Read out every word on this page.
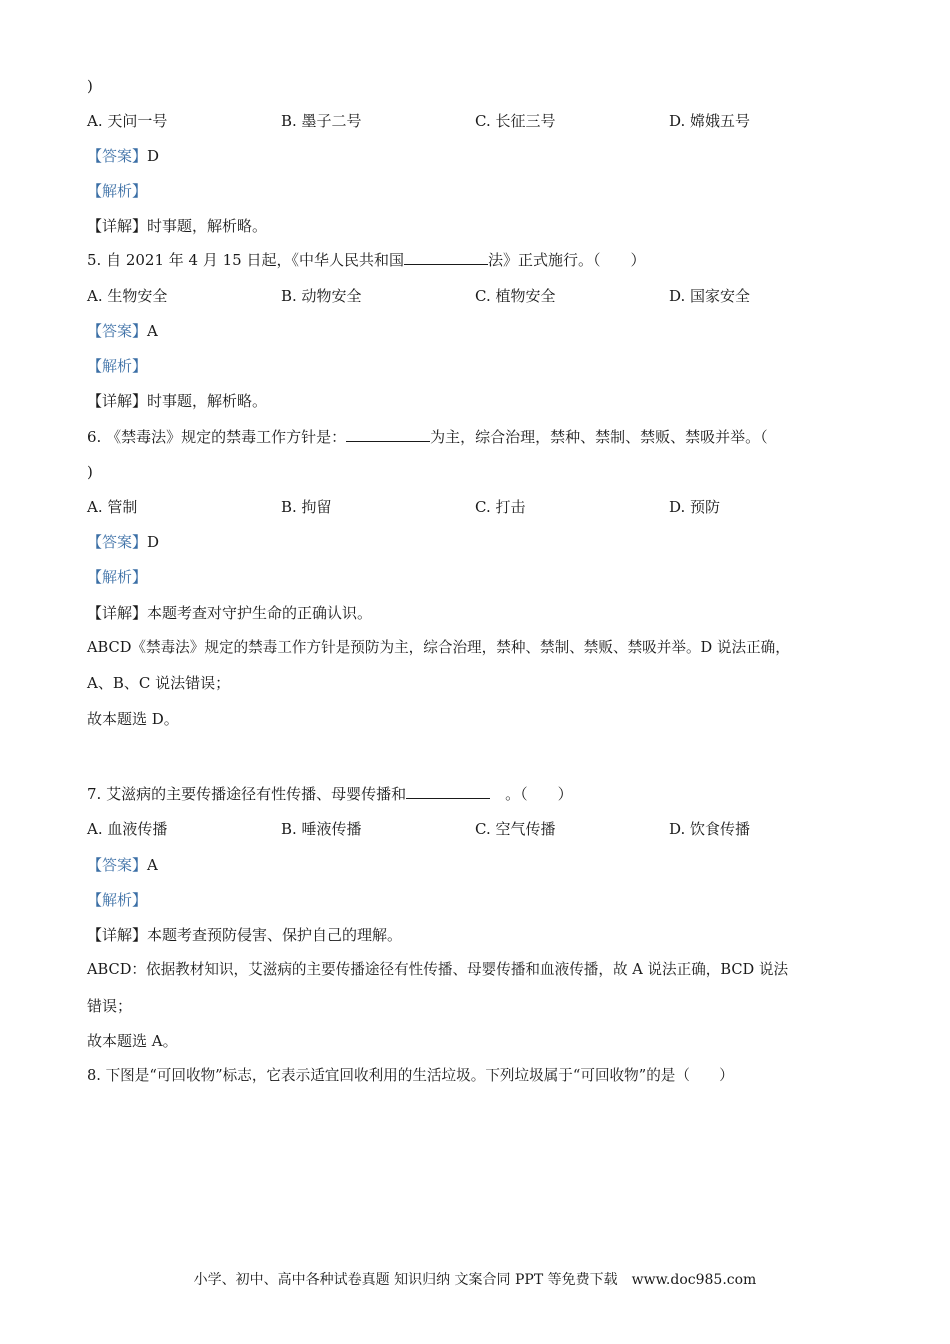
)
A. 天问一号	B. 墨子二号	C. 长征三号	D. 嫦娥五号
【答案】D
【解析】
【详解】时事题，解析略。
5. 自 2021 年 4 月 15 日起，《中华人民共和国	法》正式施行。（　　）
A. 生物安全	B. 动物安全	C. 植物安全	D. 国家安全
【答案】A
【解析】
【详解】时事题，解析略。
6. 《禁毒法》规定的禁毒工作方针是：	为主，综合治理，禁种、禁制、禁贩、禁吸并举。（
)
A. 管制	B. 拘留	C. 打击	D. 预防
【答案】D
【解析】
【详解】本题考查对守护生命的正确认识。
ABCD《禁毒法》规定的禁毒工作方针是预防为主，综合治理，禁种、禁制、禁贩、禁吸并举。D 说法正确，
A、B、C 说法错误；
故本题选 D。
7. 艾滋病的主要传播途径有性传播、母婴传播和	　。（　　）
A. 血液传播	B. 唾液传播	C. 空气传播	D. 饮食传播
【答案】A
【解析】
【详解】本题考查预防侵害、保护自己的理解。
ABCD：依据教材知识，艾滋病的主要传播途径有性传播、母婴传播和血液传播，故 A 说法正确，BCD 说法
错误；
故本题选 A。
8. 下图是“可回收物”标志，它表示适宜回收利用的生活垃圾。下列垃圾属于“可回收物”的是（　　）
小学、初中、高中各种试卷真题 知识归纳 文案合同 PPT 等免费下载　www.doc985.com
